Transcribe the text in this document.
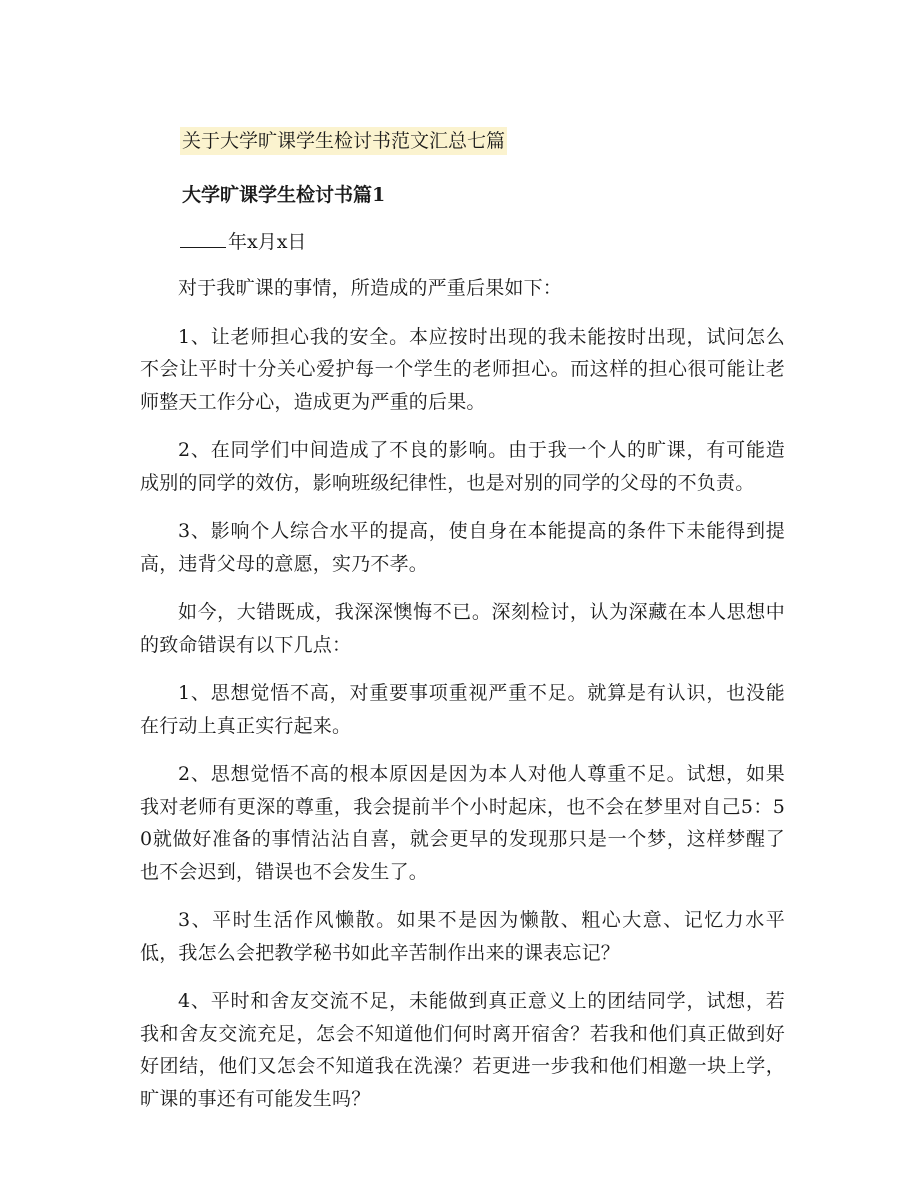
关于大学旷课学生检讨书范文汇总七篇
大学旷课学生检讨书篇1
年x月x日

对于我旷课的事情，所造成的严重后果如下：

1、让老师担心我的安全。本应按时出现的我未能按时出现，试问怎么不会让平时十分关心爱护每一个学生的老师担心。而这样的担心很可能让老师整天工作分心，造成更为严重的后果。

2、在同学们中间造成了不良的影响。由于我一个人的旷课，有可能造成别的同学的效仿，影响班级纪律性，也是对别的同学的父母的不负责。

3、影响个人综合水平的提高，使自身在本能提高的条件下未能得到提高，违背父母的意愿，实乃不孝。

如今，大错既成，我深深懊悔不已。深刻检讨，认为深藏在本人思想中的致命错误有以下几点：

1、思想觉悟不高，对重要事项重视严重不足。就算是有认识，也没能在行动上真正实行起来。

2、思想觉悟不高的根本原因是因为本人对他人尊重不足。试想，如果我对老师有更深的尊重，我会提前半个小时起床，也不会在梦里对自己5：50就做好准备的事情沾沾自喜，就会更早的发现那只是一个梦，这样梦醒了也不会迟到，错误也不会发生了。

3、平时生活作风懒散。如果不是因为懒散、粗心大意、记忆力水平低，我怎么会把教学秘书如此辛苦制作出来的课表忘记？

4、平时和舍友交流不足，未能做到真正意义上的团结同学，试想，若我和舍友交流充足，怎会不知道他们何时离开宿舍？若我和他们真正做到好好团结，他们又怎会不知道我在洗澡？若更进一步我和他们相邀一块上学，旷课的事还有可能发生吗？
